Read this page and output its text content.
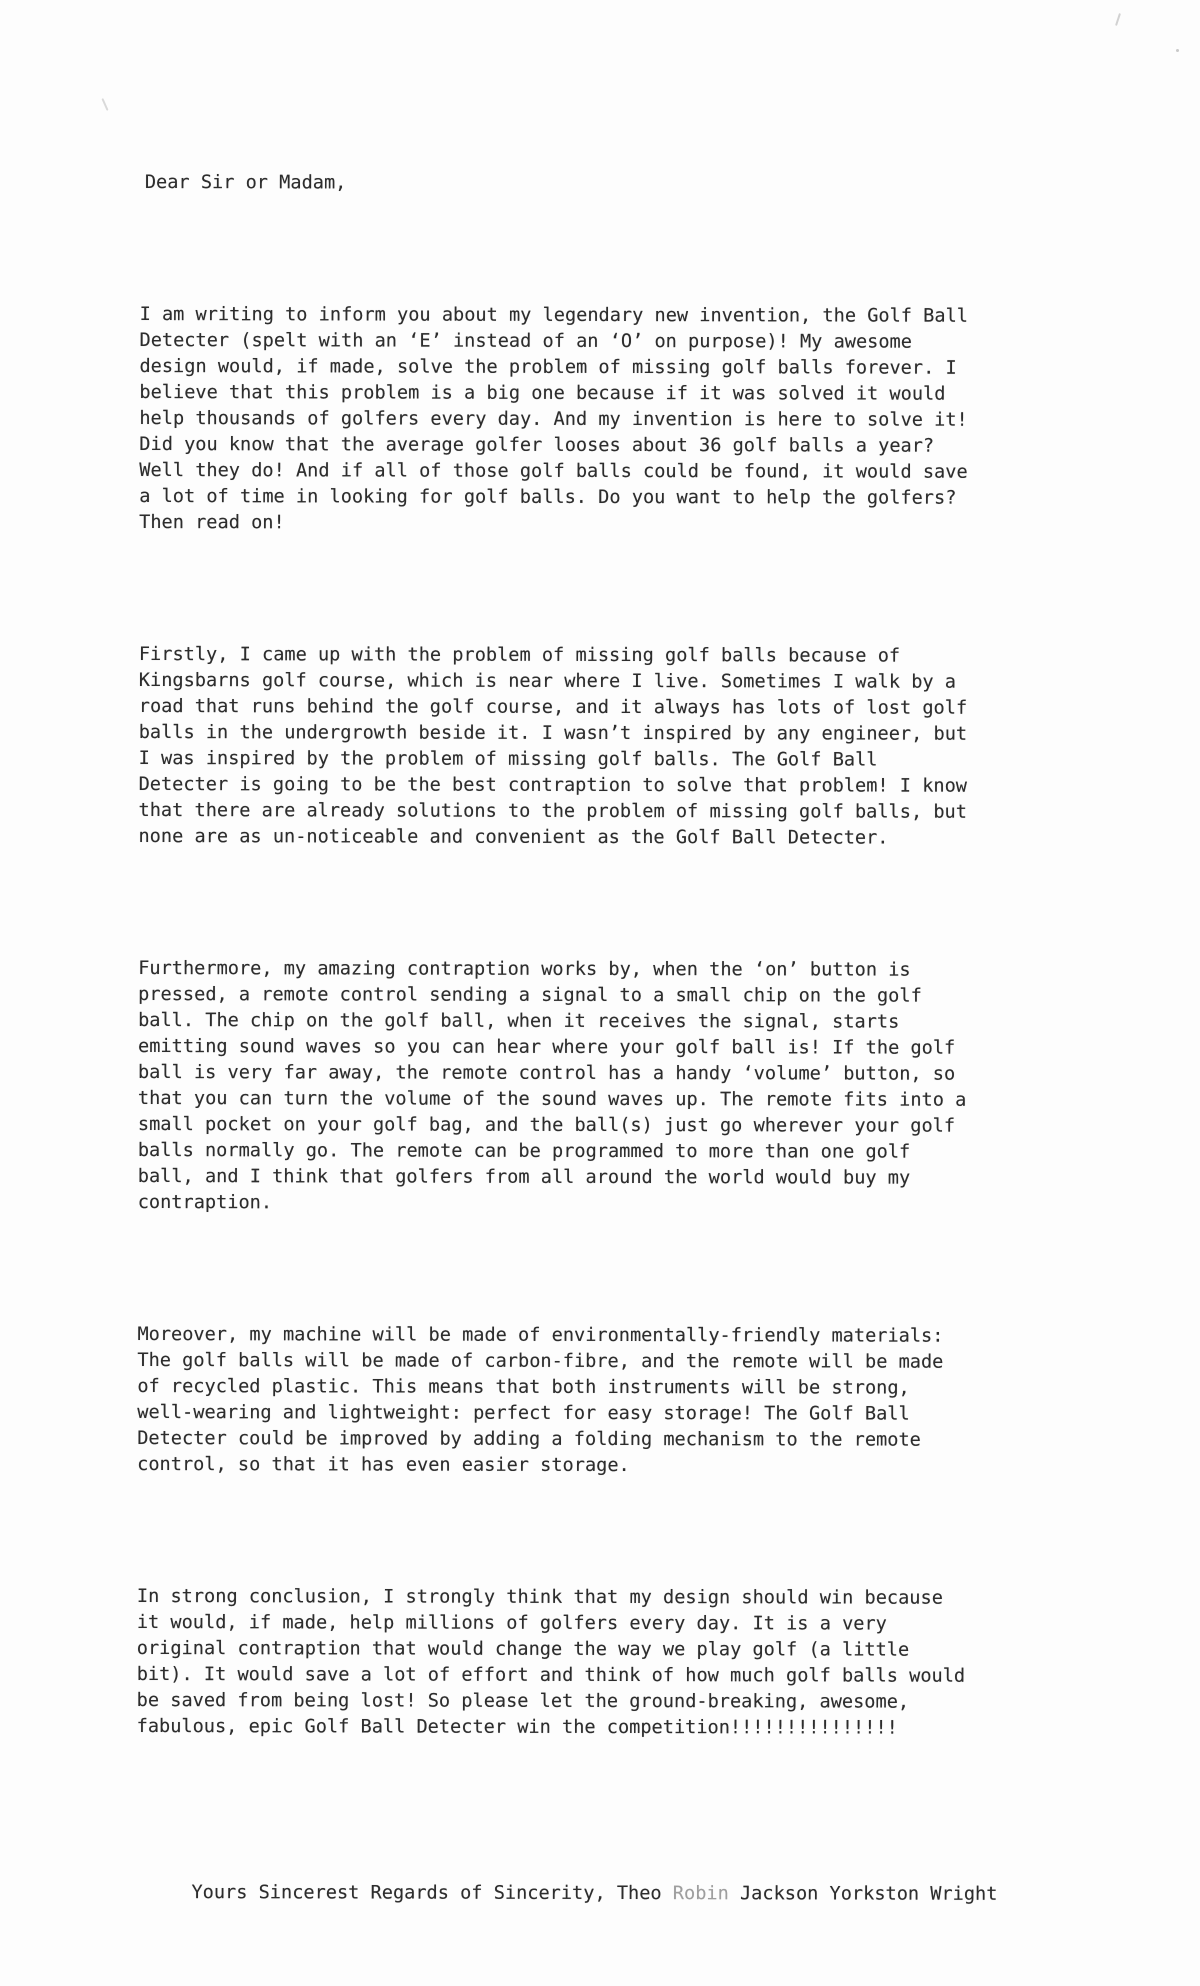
Dear Sir or Madam,

I am writing to inform you about my legendary new invention, the Golf Ball
Detecter (spelt with an ‘E’ instead of an ‘O’ on purpose)! My awesome
design would, if made, solve the problem of missing golf balls forever. I
believe that this problem is a big one because if it was solved it would
help thousands of golfers every day. And my invention is here to solve it!
Did you know that the average golfer looses about 36 golf balls a year?
Well they do! And if all of those golf balls could be found, it would save
a lot of time in looking for golf balls. Do you want to help the golfers?
Then read on!

Firstly, I came up with the problem of missing golf balls because of
Kingsbarns golf course, which is near where I live. Sometimes I walk by a
road that runs behind the golf course, and it always has lots of lost golf
balls in the undergrowth beside it. I wasn’t inspired by any engineer, but
I was inspired by the problem of missing golf balls. The Golf Ball
Detecter is going to be the best contraption to solve that problem! I know
that there are already solutions to the problem of missing golf balls, but
none are as un-noticeable and convenient as the Golf Ball Detecter.

Furthermore, my amazing contraption works by, when the ‘on’ button is
pressed, a remote control sending a signal to a small chip on the golf
ball. The chip on the golf ball, when it receives the signal, starts
emitting sound waves so you can hear where your golf ball is! If the golf
ball is very far away, the remote control has a handy ‘volume’ button, so
that you can turn the volume of the sound waves up. The remote fits into a
small pocket on your golf bag, and the ball(s) just go wherever your golf
balls normally go. The remote can be programmed to more than one golf
ball, and I think that golfers from all around the world would buy my
contraption.

Moreover, my machine will be made of environmentally-friendly materials:
The golf balls will be made of carbon-fibre, and the remote will be made
of recycled plastic. This means that both instruments will be strong,
well-wearing and lightweight: perfect for easy storage! The Golf Ball
Detecter could be improved by adding a folding mechanism to the remote
control, so that it has even easier storage.

In strong conclusion, I strongly think that my design should win because
it would, if made, help millions of golfers every day. It is a very
original contraption that would change the way we play golf (a little
bit). It would save a lot of effort and think of how much golf balls would
be saved from being lost! So please let the ground-breaking, awesome,
fabulous, epic Golf Ball Detecter win the competition!!!!!!!!!!!!!!!

Yours Sincerest Regards of Sincerity, Theo Robin Jackson Yorkston Wright
